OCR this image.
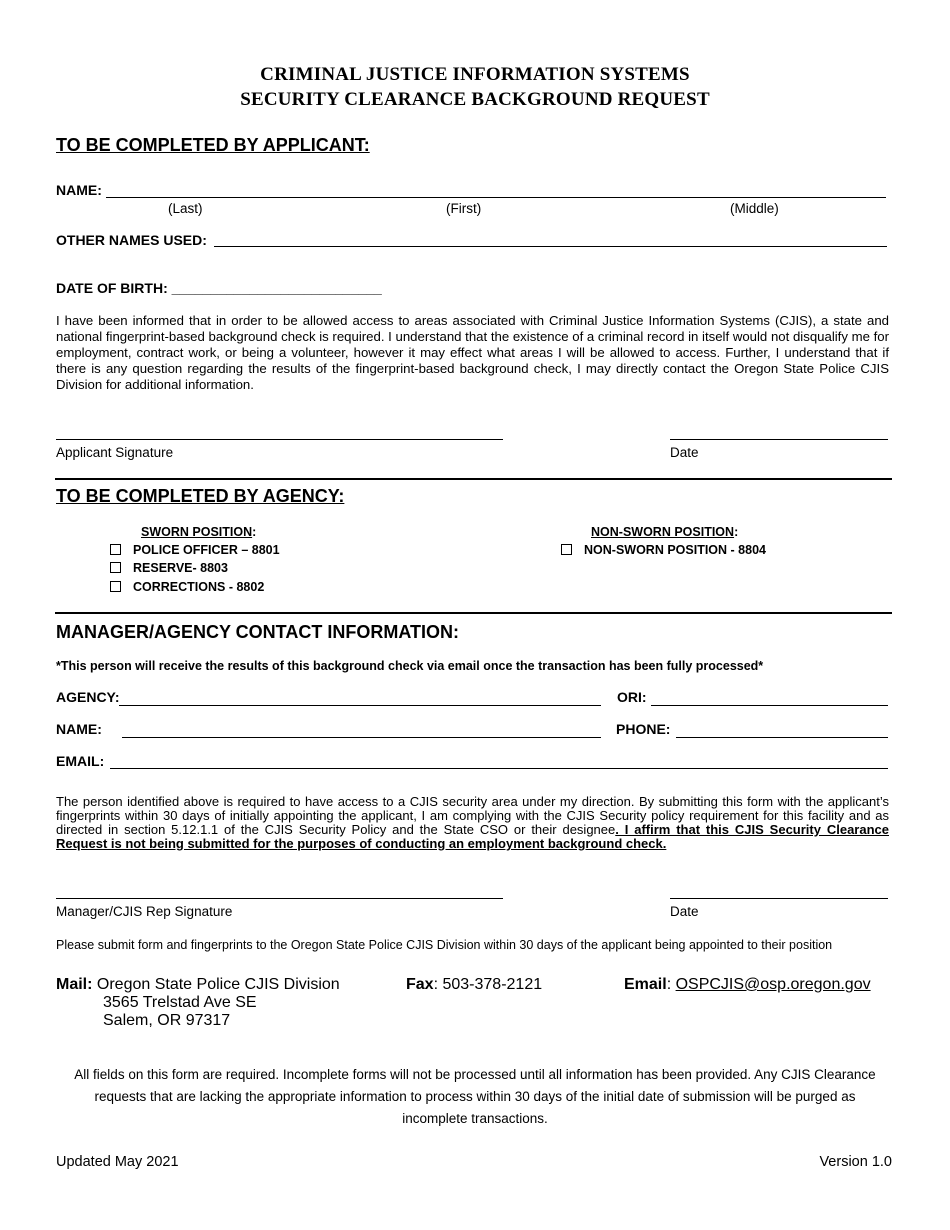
CRIMINAL JUSTICE INFORMATION SYSTEMS
SECURITY CLEARANCE BACKGROUND REQUEST
TO BE COMPLETED BY APPLICANT:
NAME:
(Last)	(First)	(Middle)
OTHER NAMES USED:
DATE OF BIRTH: ___________________________
I have been informed that in order to be allowed access to areas associated with Criminal Justice Information Systems (CJIS), a state and national fingerprint-based background check is required. I understand that the existence of a criminal record in itself would not disqualify me for employment, contract work, or being a volunteer, however it may effect what areas I will be allowed to access. Further, I understand that if there is any question regarding the results of the fingerprint-based background check, I may directly contact the Oregon State Police CJIS Division for additional information.
Applicant Signature	Date
TO BE COMPLETED BY AGENCY:
SWORN POSITION:
POLICE OFFICER – 8801
RESERVE- 8803
CORRECTIONS - 8802
NON-SWORN POSITION:
NON-SWORN POSITION - 8804
MANAGER/AGENCY CONTACT INFORMATION:
*This person will receive the results of this background check via email once the transaction has been fully processed*
AGENCY:	ORI:
NAME:	PHONE:
EMAIL:
The person identified above is required to have access to a CJIS security area under my direction. By submitting this form with the applicant’s fingerprints within 30 days of initially appointing the applicant, I am complying with the CJIS Security policy requirement for this facility and as directed in section 5.12.1.1 of the CJIS Security Policy and the State CSO or their designee. I affirm that this CJIS Security Clearance Request is not being submitted for the purposes of conducting an employment background check.
Manager/CJIS Rep Signature	Date
Please submit form and fingerprints to the Oregon State Police CJIS Division within 30 days of the applicant being appointed to their position
Mail: Oregon State Police CJIS Division
3565 Trelstad Ave SE
Salem, OR 97317
Fax: 503-378-2121	Email: OSPCJIS@osp.oregon.gov
All fields on this form are required. Incomplete forms will not be processed until all information has been provided. Any CJIS Clearance requests that are lacking the appropriate information to process within 30 days of the initial date of submission will be purged as incomplete transactions.
Updated May 2021	Version 1.0
